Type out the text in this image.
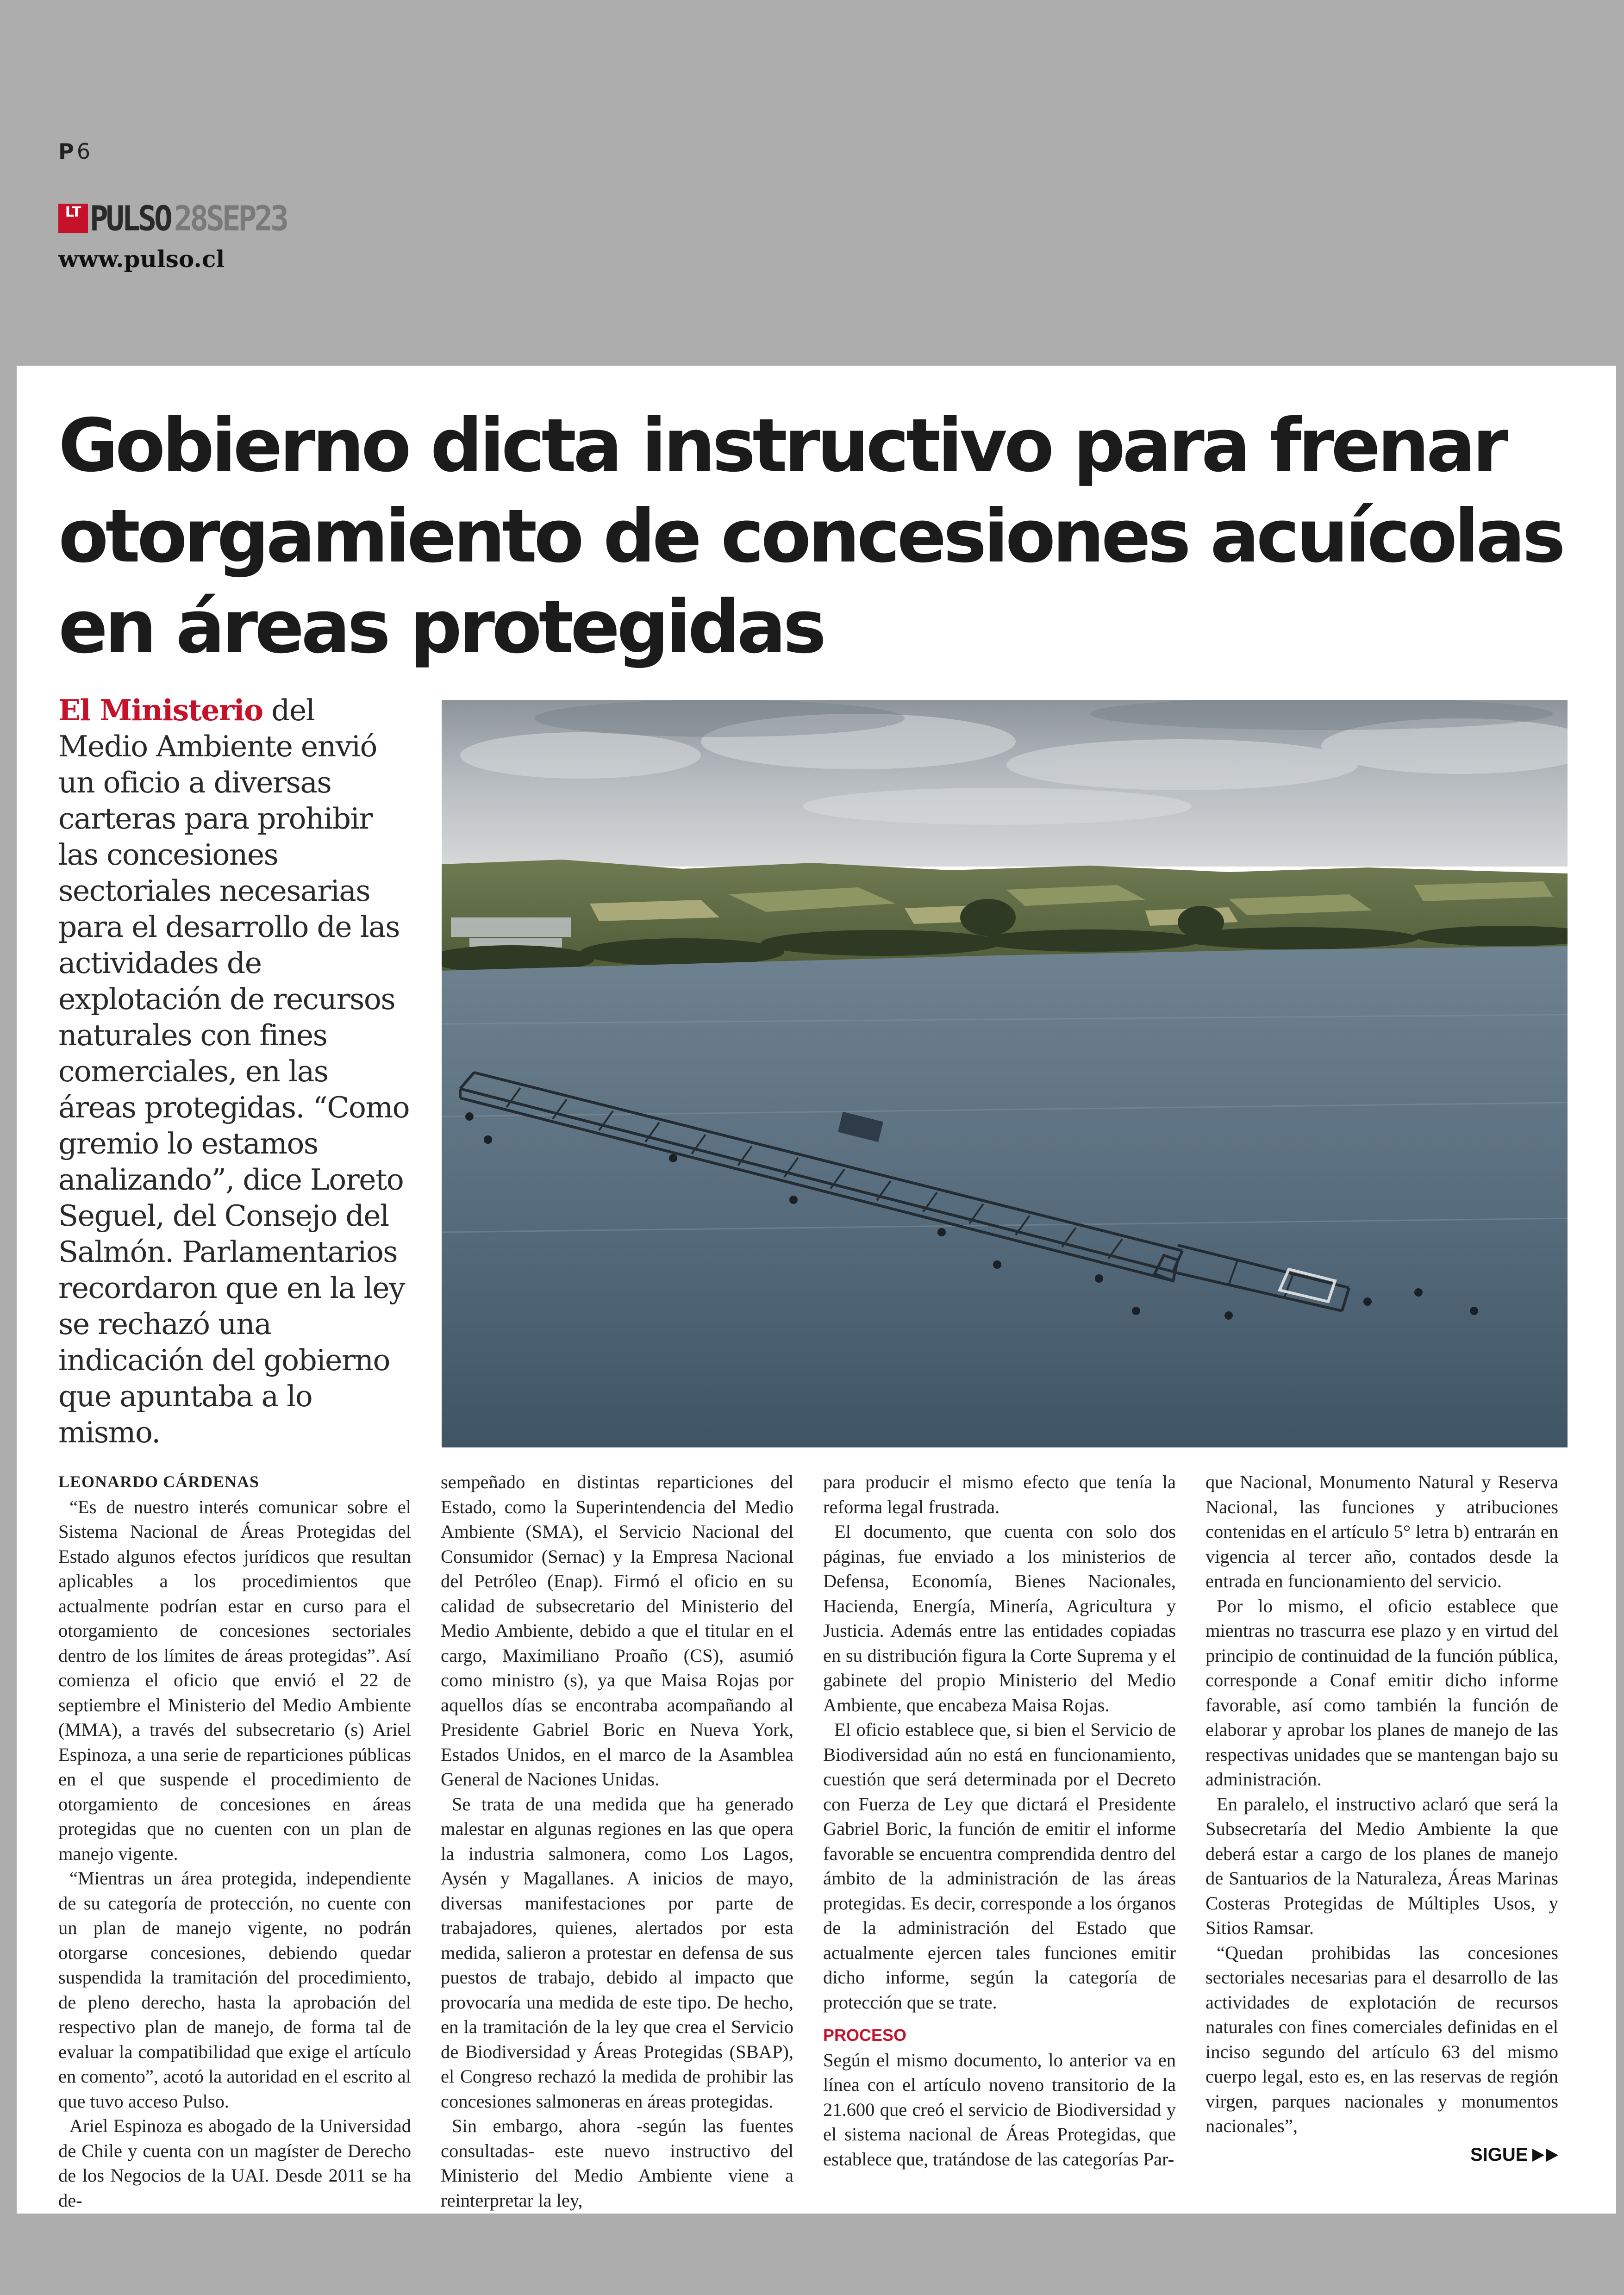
P 6
LT PULSO 28SEP23
www.pulso.cl
Gobierno dicta instructivo para frenar
otorgamiento de concesiones acuícolas
en áreas protegidas
El Ministerio del Medio Ambiente envió un oficio a diversas carteras para prohibir las concesiones sectoriales necesarias para el desarrollo de las actividades de explotación de recursos naturales con fines comerciales, en las áreas protegidas. “Como gremio lo estamos analizando”, dice Loreto Seguel, del Consejo del Salmón. Parlamentarios recordaron que en la ley se rechazó una indicación del gobierno que apuntaba a lo mismo.
LEONARDO CÁRDENAS

“Es de nuestro interés comunicar sobre el Sistema Nacional de Áreas Protegidas del Estado algunos efectos jurídicos que resultan aplicables a los procedimientos que actualmente podrían estar en curso para el otorgamiento de concesiones sectoriales dentro de los límites de áreas protegidas”. Así comienza el oficio que envió el 22 de septiembre el Ministerio del Medio Ambiente (MMA), a través del subsecretario (s) Ariel Espinoza, a una serie de reparticiones públicas en el que suspende el procedimiento de otorgamiento de concesiones en áreas protegidas que no cuenten con un plan de manejo vigente.

“Mientras un área protegida, independiente de su categoría de protección, no cuente con un plan de manejo vigente, no podrán otorgarse concesiones, debiendo quedar suspendida la tramitación del procedimiento, de pleno derecho, hasta la aprobación del respectivo plan de manejo, de forma tal de evaluar la compatibilidad que exige el artículo en comento”, acotó la autoridad en el escrito al que tuvo acceso Pulso.

Ariel Espinoza es abogado de la Universidad de Chile y cuenta con un magíster de Derecho de los Negocios de la UAI. Desde 2011 se ha de-

sempeñado en distintas reparticiones del Estado, como la Superintendencia del Medio Ambiente (SMA), el Servicio Nacional del Consumidor (Sernac) y la Empresa Nacional del Petróleo (Enap). Firmó el oficio en su calidad de subsecretario del Ministerio del Medio Ambiente, debido a que el titular en el cargo, Maximiliano Proaño (CS), asumió como ministro (s), ya que Maisa Rojas por aquellos días se encontraba acompañando al Presidente Gabriel Boric en Nueva York, Estados Unidos, en el marco de la Asamblea General de Naciones Unidas.

Se trata de una medida que ha generado malestar en algunas regiones en las que opera la industria salmonera, como Los Lagos, Aysén y Magallanes. A inicios de mayo, diversas manifestaciones por parte de trabajadores, quienes, alertados por esta medida, salieron a protestar en defensa de sus puestos de trabajo, debido al impacto que provocaría una medida de este tipo. De hecho, en la tramitación de la ley que crea el Servicio de Biodiversidad y Áreas Protegidas (SBAP), el Congreso rechazó la medida de prohibir las concesiones salmoneras en áreas protegidas.

Sin embargo, ahora -según las fuentes consultadas- este nuevo instructivo del Ministerio del Medio Ambiente viene a reinterpretar la ley,

para producir el mismo efecto que tenía la reforma legal frustrada.

El documento, que cuenta con solo dos páginas, fue enviado a los ministerios de Defensa, Economía, Bienes Nacionales, Hacienda, Energía, Minería, Agricultura y Justicia. Además entre las entidades copiadas en su distribución figura la Corte Suprema y el gabinete del propio Ministerio del Medio Ambiente, que encabeza Maisa Rojas.

El oficio establece que, si bien el Servicio de Biodiversidad aún no está en funcionamiento, cuestión que será determinada por el Decreto con Fuerza de Ley que dictará el Presidente Gabriel Boric, la función de emitir el informe favorable se encuentra comprendida dentro del ámbito de la administración de las áreas protegidas. Es decir, corresponde a los órganos de la administración del Estado que actualmente ejercen tales funciones emitir dicho informe, según la categoría de protección que se trate.

PROCESO

Según el mismo documento, lo anterior va en línea con el artículo noveno transitorio de la 21.600 que creó el servicio de Biodiversidad y el sistema nacional de Áreas Protegidas, que establece que, tratándose de las categorías Par-

que Nacional, Monumento Natural y Reserva Nacional, las funciones y atribuciones contenidas en el artículo 5° letra b) entrarán en vigencia al tercer año, contados desde la entrada en funcionamiento del servicio.

Por lo mismo, el oficio establece que mientras no trascurra ese plazo y en virtud del principio de continuidad de la función pública, corresponde a Conaf emitir dicho informe favorable, así como también la función de elaborar y aprobar los planes de manejo de las respectivas unidades que se mantengan bajo su administración.

En paralelo, el instructivo aclaró que será la Subsecretaría del Medio Ambiente la que deberá estar a cargo de los planes de manejo de Santuarios de la Naturaleza, Áreas Marinas Costeras Protegidas de Múltiples Usos, y Sitios Ramsar.

“Quedan prohibidas las concesiones sectoriales necesarias para el desarrollo de las actividades de explotación de recursos naturales con fines comerciales definidas en el inciso segundo del artículo 63 del mismo cuerpo legal, esto es, en las reservas de región virgen, parques nacionales y monumentos nacionales”,

SIGUE
